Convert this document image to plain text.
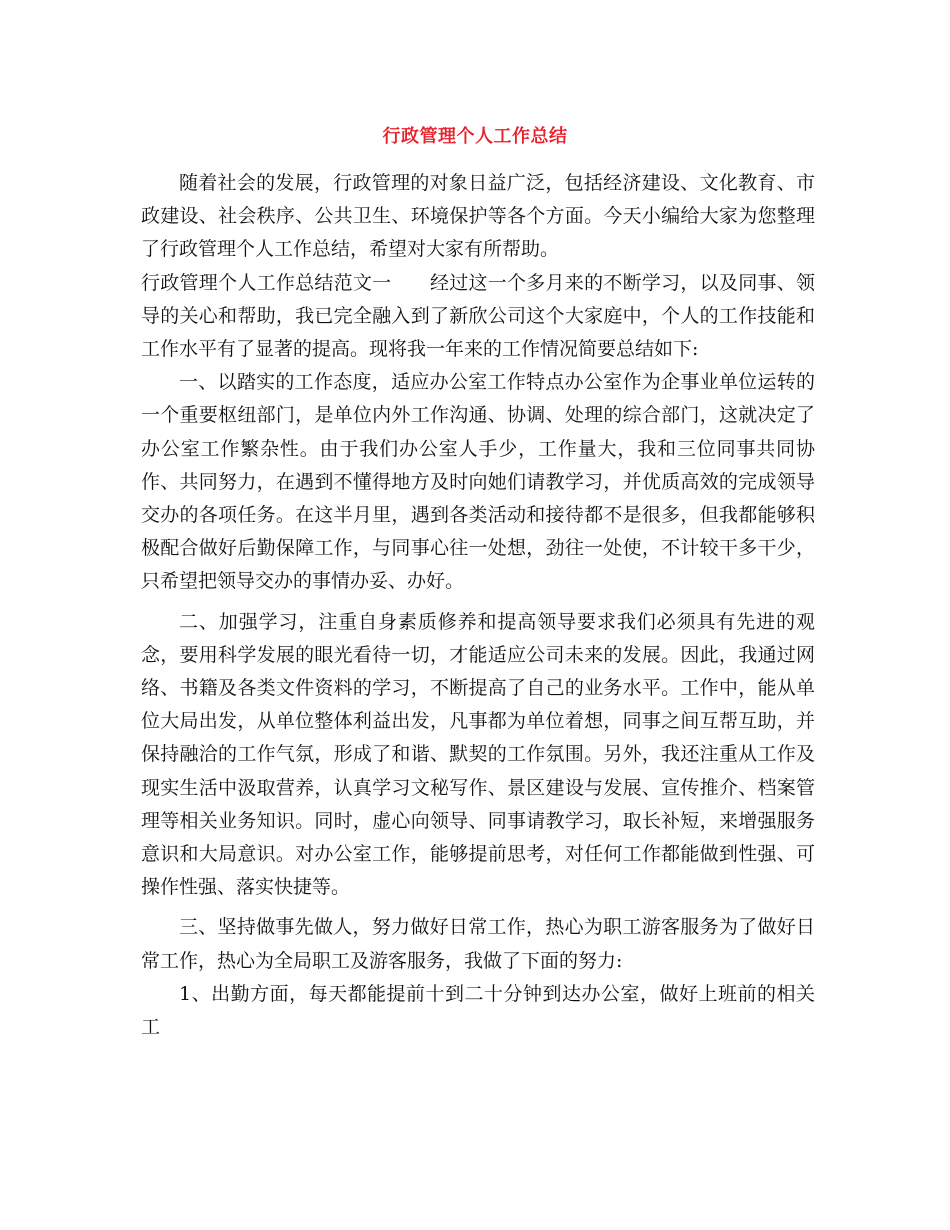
行政管理个人工作总结

随着社会的发展，行政管理的对象日益广泛，包括经济建设、文化教育、市政建设、社会秩序、公共卫生、环境保护等各个方面。今天小编给大家为您整理了行政管理个人工作总结，希望对大家有所帮助。

行政管理个人工作总结范文一　　经过这一个多月来的不断学习，以及同事、领导的关心和帮助，我已完全融入到了新欣公司这个大家庭中，个人的工作技能和工作水平有了显著的提高。现将我一年来的工作情况简要总结如下:

一、以踏实的工作态度，适应办公室工作特点办公室作为企事业单位运转的一个重要枢纽部门，是单位内外工作沟通、协调、处理的综合部门，这就决定了办公室工作繁杂性。由于我们办公室人手少，工作量大，我和三位同事共同协作、共同努力，在遇到不懂得地方及时向她们请教学习，并优质高效的完成领导交办的各项任务。在这半月里，遇到各类活动和接待都不是很多，但我都能够积极配合做好后勤保障工作，与同事心往一处想，劲往一处使，不计较干多干少，只希望把领导交办的事情办妥、办好。

二、加强学习，注重自身素质修养和提高领导要求我们必须具有先进的观念，要用科学发展的眼光看待一切，才能适应公司未来的发展。因此，我通过网络、书籍及各类文件资料的学习，不断提高了自己的业务水平。工作中，能从单位大局出发，从单位整体利益出发，凡事都为单位着想，同事之间互帮互助，并保持融洽的工作气氛，形成了和谐、默契的工作氛围。另外，我还注重从工作及现实生活中汲取营养，认真学习文秘写作、景区建设与发展、宣传推介、档案管理等相关业务知识。同时，虚心向领导、同事请教学习，取长补短，来增强服务意识和大局意识。对办公室工作，能够提前思考，对任何工作都能做到性强、可操作性强、落实快捷等。

三、坚持做事先做人，努力做好日常工作，热心为职工游客服务为了做好日常工作，热心为全局职工及游客服务，我做了下面的努力:

1、出勤方面，每天都能提前十到二十分钟到达办公室，做好上班前的相关工
